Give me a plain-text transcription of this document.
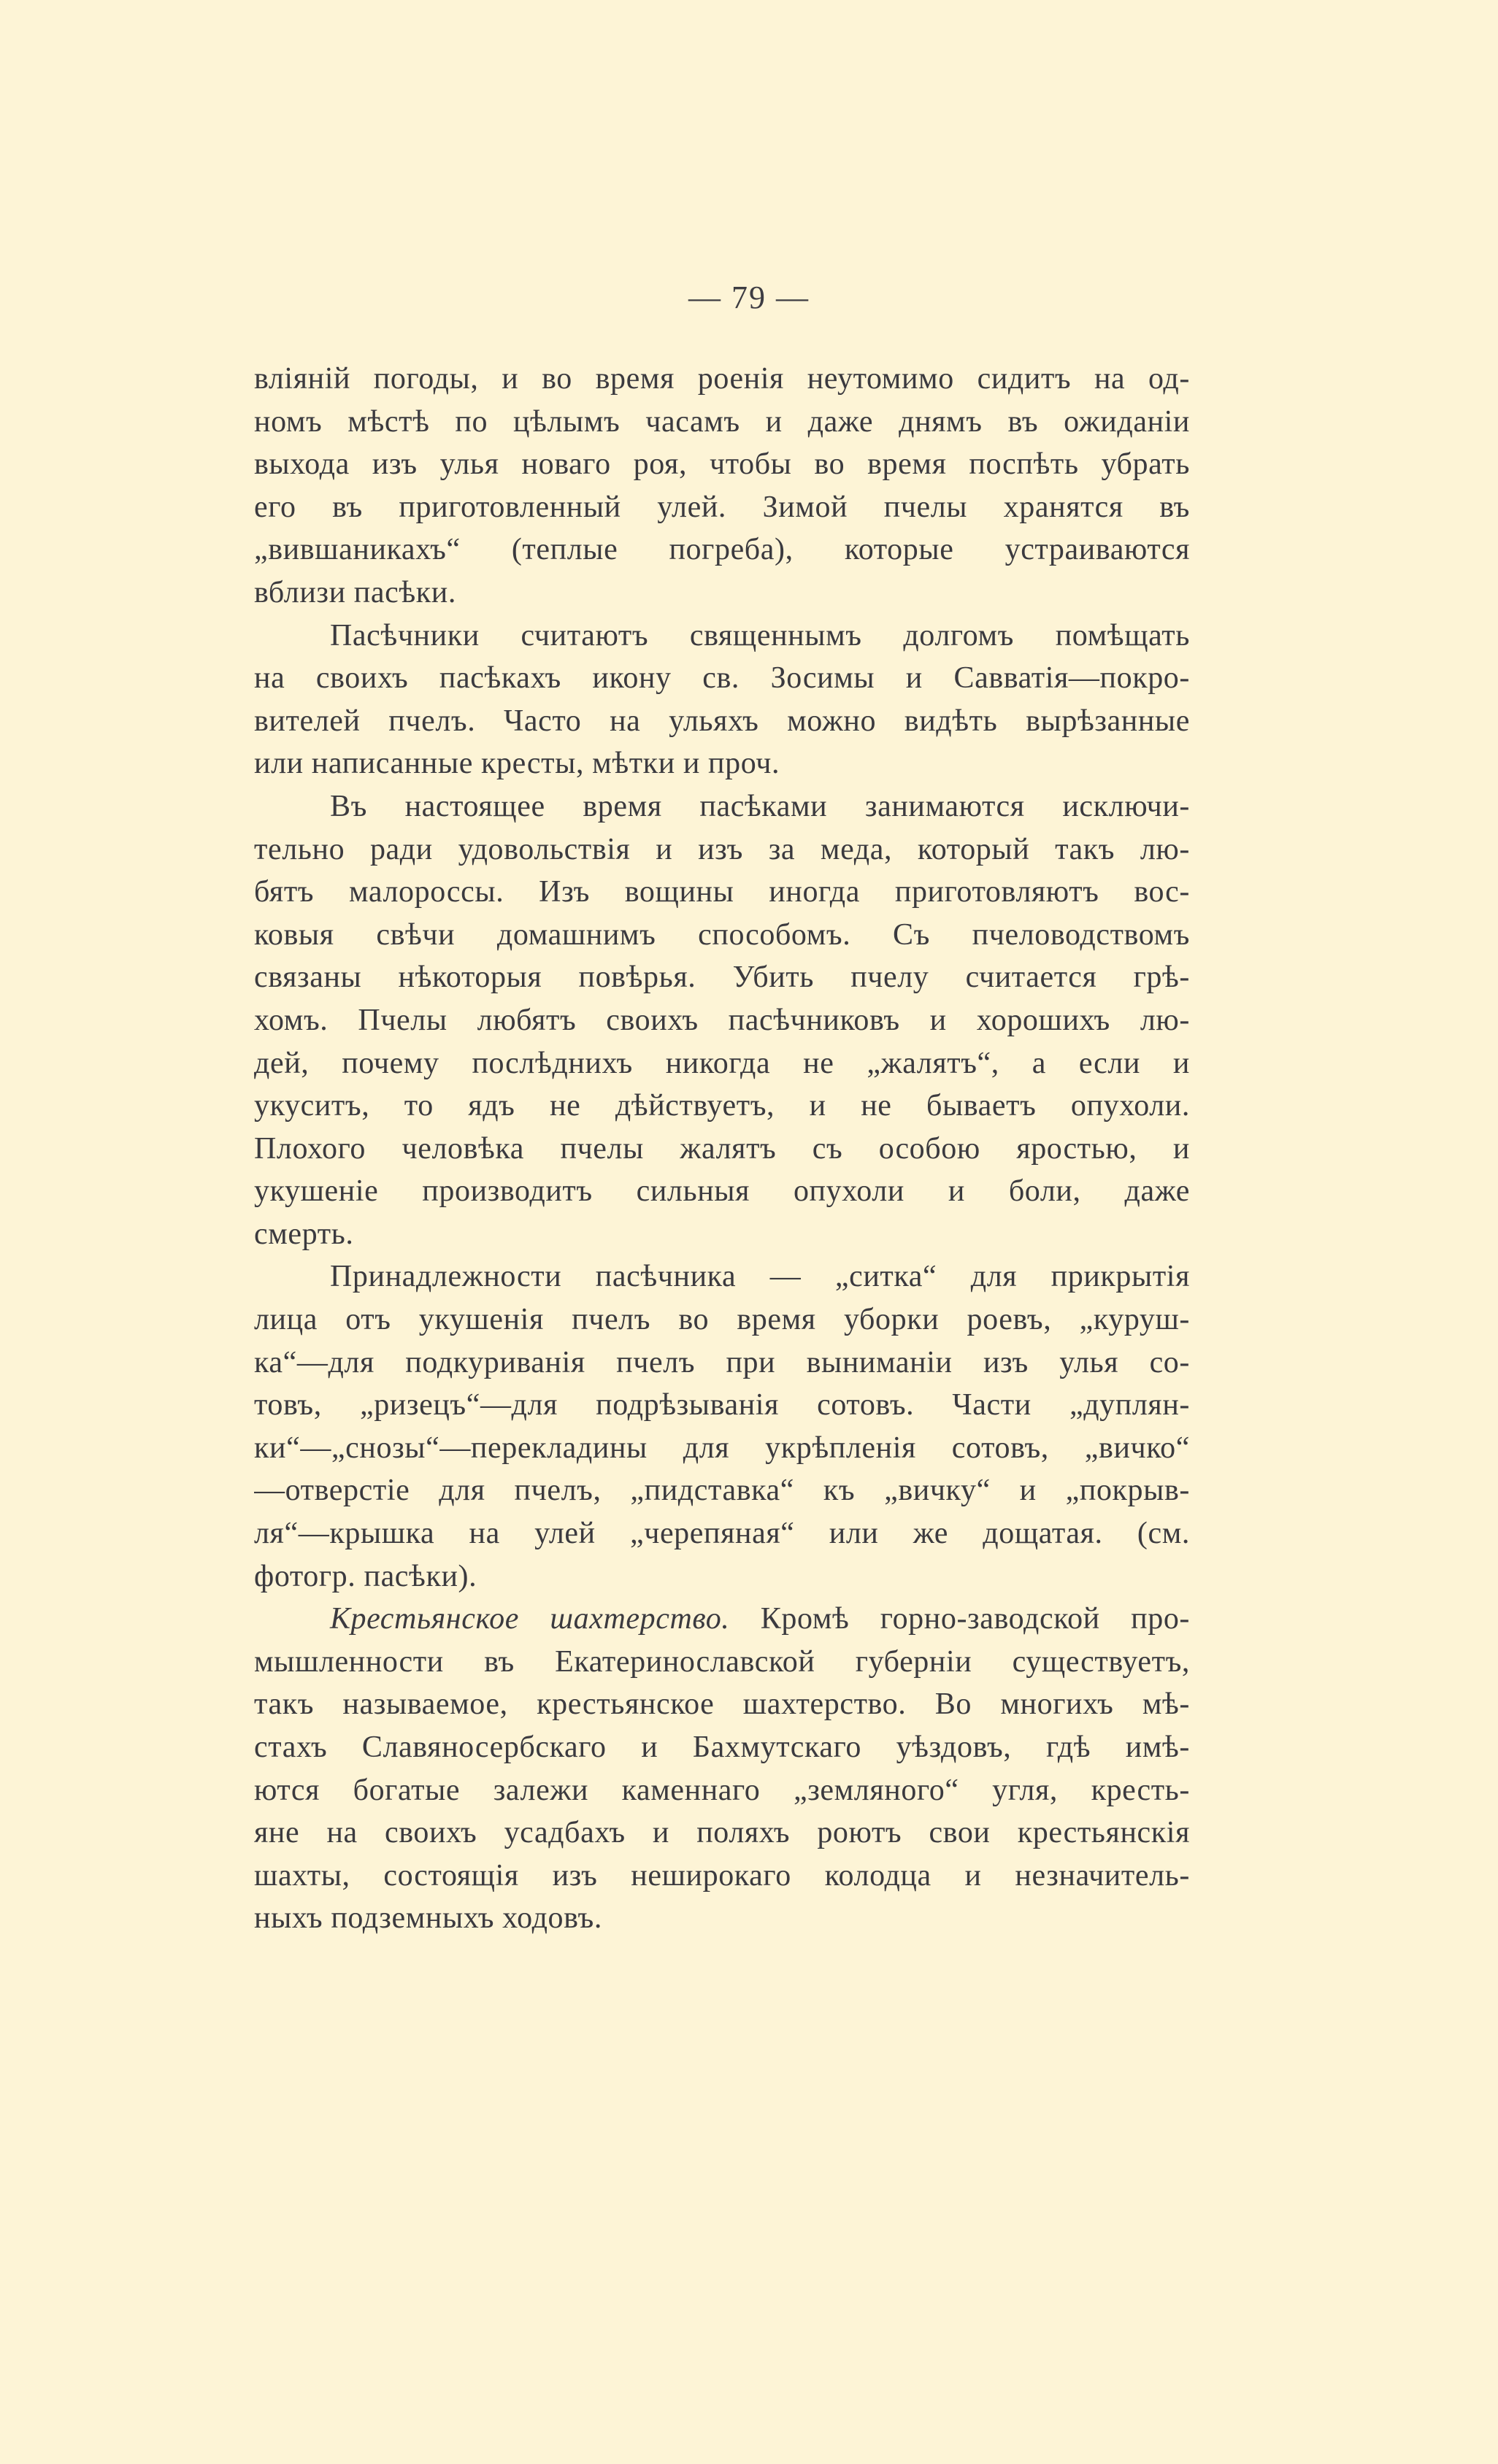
— 79 —
вліяній погоды, и во время роенія неутомимо сидитъ на од-
номъ мѣстѣ по цѣлымъ часамъ и даже днямъ въ ожиданіи
выхода изъ улья новаго роя, чтобы во время поспѣть убрать
его въ приготовленный улей. Зимой пчелы хранятся въ
„вившаникахъ“ (теплые погреба), которые устраиваются
вблизи пасѣки.
Пасѣчники считаютъ священнымъ долгомъ помѣщать
на своихъ пасѣкахъ икону св. Зосимы и Савватія—покро-
вителей пчелъ. Часто на ульяхъ можно видѣть вырѣзанные
или написанные кресты, мѣтки и проч.
Въ настоящее время пасѣками занимаются исключи-
тельно ради удовольствія и изъ за меда, который такъ лю-
бятъ малороссы. Изъ вощины иногда приготовляютъ вос-
ковыя свѣчи домашнимъ способомъ. Съ пчеловодствомъ
связаны нѣкоторыя повѣрья. Убить пчелу считается грѣ-
хомъ. Пчелы любятъ своихъ пасѣчниковъ и хорошихъ лю-
дей, почему послѣднихъ никогда не „жалятъ“, а если и
укуситъ, то ядъ не дѣйствуетъ, и не бываетъ опухоли.
Плохого человѣка пчелы жалятъ съ особою яростью, и
укушеніе производитъ сильныя опухоли и боли, даже
смерть.
Принадлежности пасѣчника — „ситка“ для прикрытія
лица отъ укушенія пчелъ во время уборки роевъ, „куруш-
ка“—для подкуриванія пчелъ при выниманіи изъ улья со-
товъ, „ризецъ“—для подрѣзыванія сотовъ. Части „дуплян-
ки“—„снозы“—перекладины для укрѣпленія сотовъ, „вичко“
—отверстіе для пчелъ, „пидставка“ къ „вичку“ и „покрыв-
ля“—крышка на улей „черепяная“ или же дощатая. (см.
фотогр. пасѣки).
Крестьянское шахтерство. Кромѣ горно-заводской про-
мышленности въ Екатеринославской губерніи существуетъ,
такъ называемое, крестьянское шахтерство. Во многихъ мѣ-
стахъ Славяносербскаго и Бахмутскаго уѣздовъ, гдѣ имѣ-
ются богатые залежи каменнаго „земляного“ угля, кресть-
яне на своихъ усадбахъ и поляхъ роютъ свои крестьянскія
шахты, состоящія изъ неширокаго колодца и незначитель-
ныхъ подземныхъ ходовъ.
